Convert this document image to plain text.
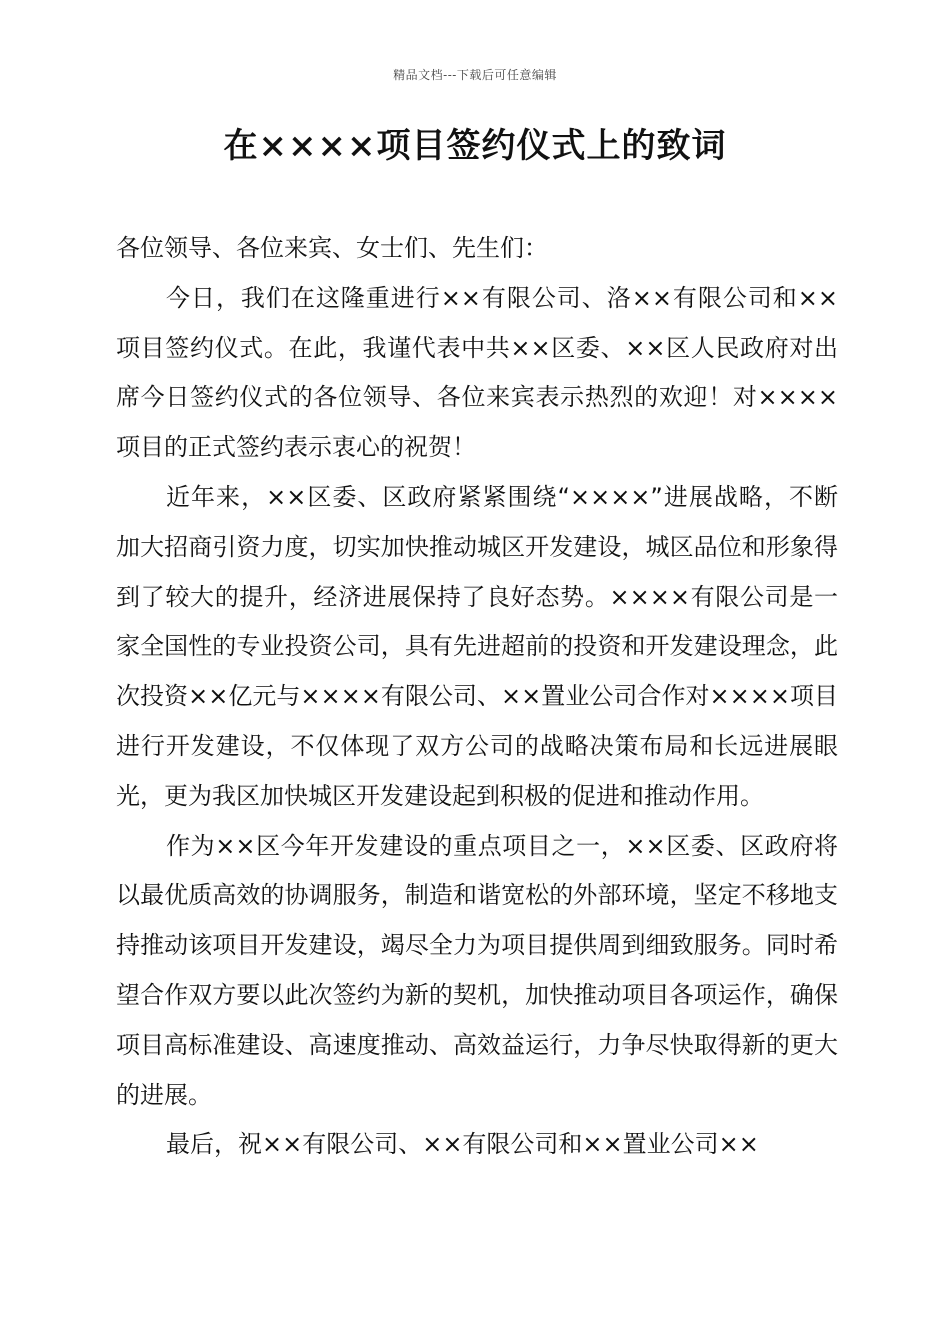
精品文档---下载后可任意编辑
在××××项目签约仪式上的致词

各位领导、各位来宾、女士们、先生们：

今日，我们在这隆重进行××有限公司、洛××有限公司和××项目签约仪式。在此，我谨代表中共××区委、××区人民政府对出席今日签约仪式的各位领导、各位来宾表示热烈的欢迎！对××××项目的正式签约表示衷心的祝贺！

近年来，××区委、区政府紧紧围绕“××××”进展战略，不断加大招商引资力度，切实加快推动城区开发建设，城区品位和形象得到了较大的提升，经济进展保持了良好态势。××××有限公司是一家全国性的专业投资公司，具有先进超前的投资和开发建设理念，此次投资××亿元与××××有限公司、××置业公司合作对××××项目进行开发建设，不仅体现了双方公司的战略决策布局和长远进展眼光，更为我区加快城区开发建设起到积极的促进和推动作用。

作为××区今年开发建设的重点项目之一，××区委、区政府将以最优质高效的协调服务，制造和谐宽松的外部环境，坚定不移地支持推动该项目开发建设，竭尽全力为项目提供周到细致服务。同时希望合作双方要以此次签约为新的契机，加快推动项目各项运作，确保项目高标准建设、高速度推动、高效益运行，力争尽快取得新的更大的进展。

最后，祝××有限公司、××有限公司和××置业公司××
